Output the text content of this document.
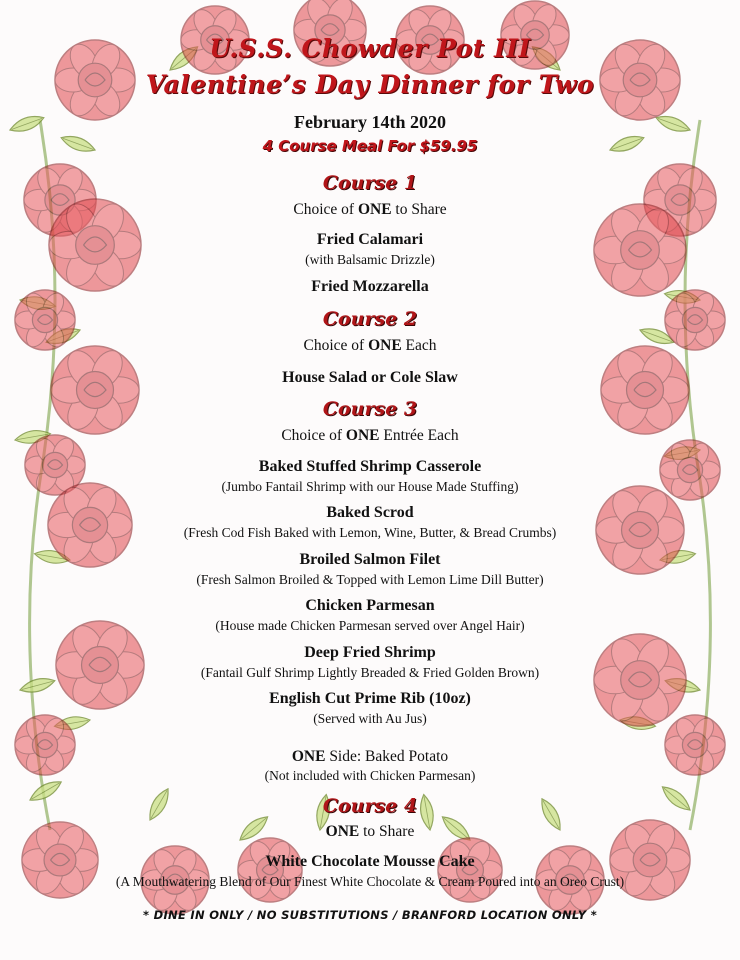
U.S.S. Chowder Pot III
Valentine’s Day Dinner for Two
February 14th 2020
4 Course Meal For $59.95
Course 1
Choice of ONE to Share
Fried Calamari
(with Balsamic Drizzle)
Fried Mozzarella
Course 2
Choice of ONE Each
House Salad or Cole Slaw
Course 3
Choice of ONE Entrée Each
Baked Stuffed Shrimp Casserole
(Jumbo Fantail Shrimp with our House Made Stuffing)
Baked Scrod
(Fresh Cod Fish Baked with Lemon, Wine, Butter, & Bread Crumbs)
Broiled Salmon Filet
(Fresh Salmon Broiled & Topped with Lemon Lime Dill Butter)
Chicken Parmesan
(House made Chicken Parmesan served over Angel Hair)
Deep Fried Shrimp
(Fantail Gulf Shrimp Lightly Breaded & Fried Golden Brown)
English Cut Prime Rib (10oz)
(Served with Au Jus)
ONE Side: Baked Potato
(Not included with Chicken Parmesan)
Course 4
ONE to Share
White Chocolate Mousse Cake
(A Mouthwatering Blend of Our Finest White Chocolate & Cream Poured into an Oreo Crust)
* DINE IN ONLY / NO SUBSTITUTIONS / BRANFORD LOCATION ONLY *
